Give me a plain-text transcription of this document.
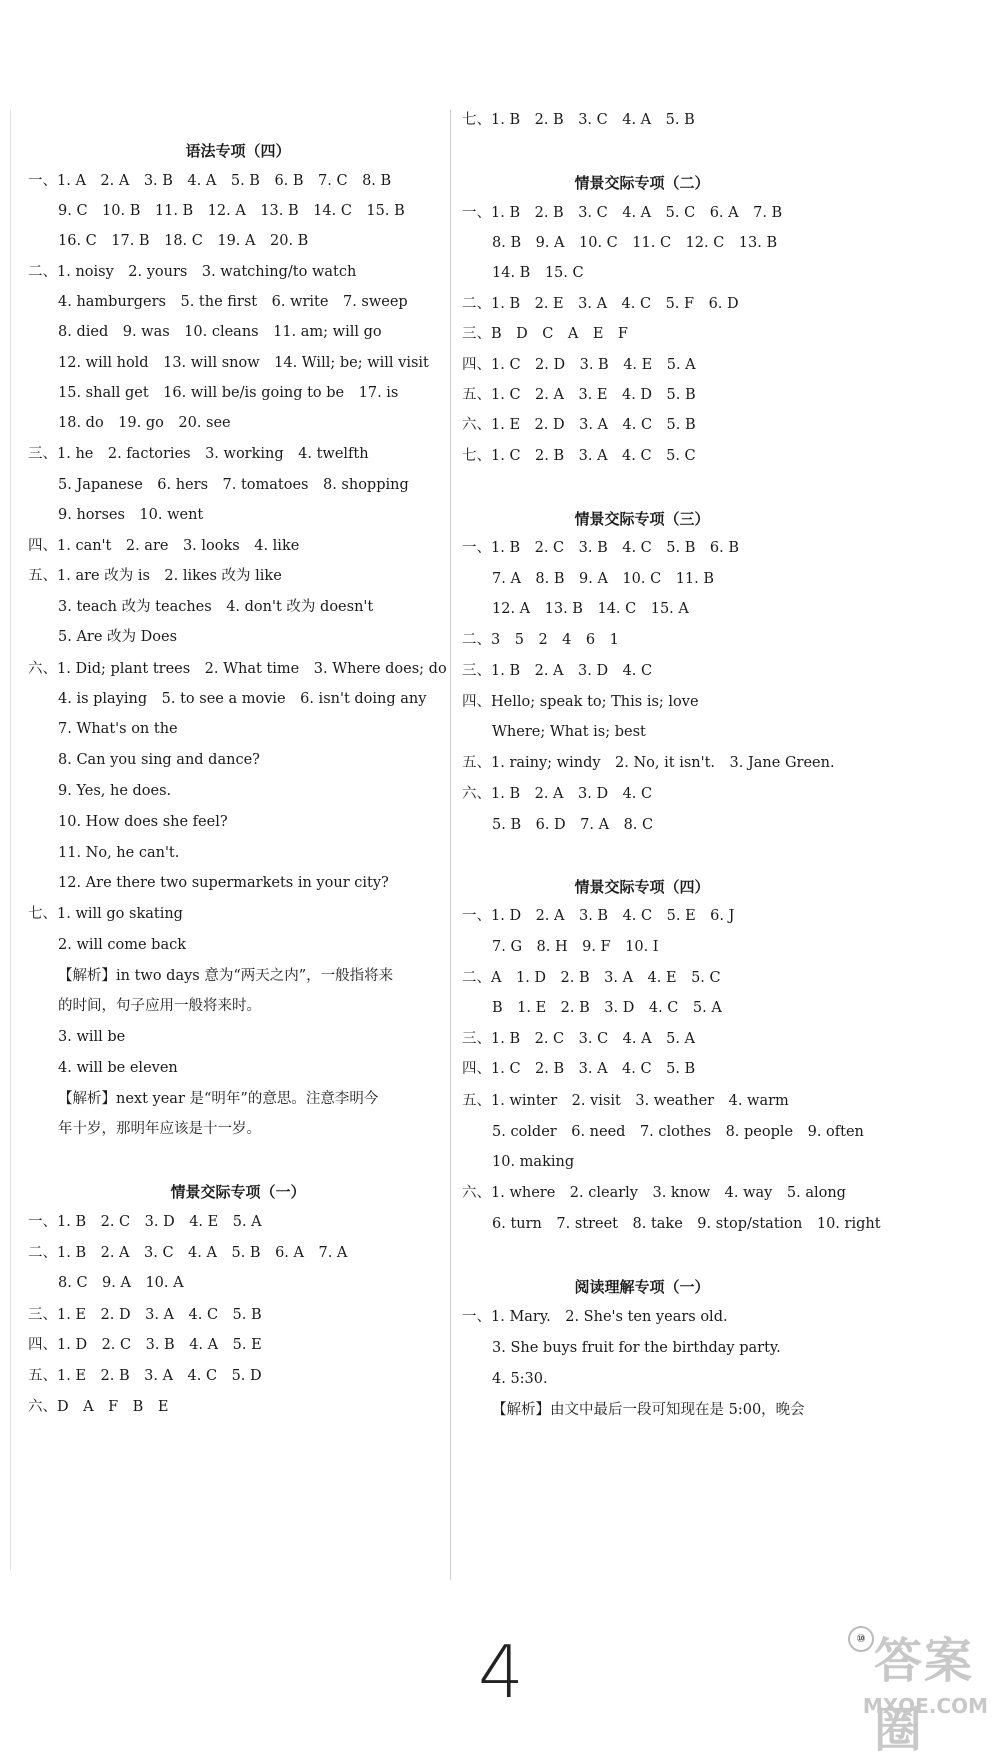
语法专项（四）
一、1. A　2. A　3. B　4. A　5. B　6. B　7. C　8. B
9. C　10. B　11. B　12. A　13. B　14. C　15. B
16. C　17. B　18. C　19. A　20. B
二、1. noisy　2. yours　3. watching/to watch
4. hamburgers　5. the first　6. write　7. sweep
8. died　9. was　10. cleans　11. am; will go
12. will hold　13. will snow　14. Will; be; will visit
15. shall get　16. will be/is going to be　17. is
18. do　19. go　20. see
三、1. he　2. factories　3. working　4. twelfth
5. Japanese　6. hers　7. tomatoes　8. shopping
9. horses　10. went
四、1. can't　2. are　3. looks　4. like
五、1. are 改为 is　2. likes 改为 like
3. teach 改为 teaches　4. don't 改为 doesn't
5. Are 改为 Does
六、1. Did; plant trees　2. What time　3. Where does; do
4. is playing　5. to see a movie　6. isn't doing any
7. What's on the
8. Can you sing and dance?
9. Yes, he does.
10. How does she feel?
11. No, he can't.
12. Are there two supermarkets in your city?
七、1. will go skating
2. will come back
【解析】in two days 意为“两天之内”，一般指将来
的时间，句子应用一般将来时。
3. will be
4. will be eleven
【解析】next year 是“明年”的意思。注意李明今
年十岁，那明年应该是十一岁。
情景交际专项（一）
一、1. B　2. C　3. D　4. E　5. A
二、1. B　2. A　3. C　4. A　5. B　6. A　7. A
8. C　9. A　10. A
三、1. E　2. D　3. A　4. C　5. B
四、1. D　2. C　3. B　4. A　5. E
五、1. E　2. B　3. A　4. C　5. D
六、D　A　F　B　E
七、1. B　2. B　3. C　4. A　5. B
情景交际专项（二）
一、1. B　2. B　3. C　4. A　5. C　6. A　7. B
8. B　9. A　10. C　11. C　12. C　13. B
14. B　15. C
二、1. B　2. E　3. A　4. C　5. F　6. D
三、B　D　C　A　E　F
四、1. C　2. D　3. B　4. E　5. A
五、1. C　2. A　3. E　4. D　5. B
六、1. E　2. D　3. A　4. C　5. B
七、1. C　2. B　3. A　4. C　5. C
情景交际专项（三）
一、1. B　2. C　3. B　4. C　5. B　6. B
7. A　8. B　9. A　10. C　11. B
12. A　13. B　14. C　15. A
二、3　5　2　4　6　1
三、1. B　2. A　3. D　4. C
四、Hello; speak to; This is; love
Where; What is; best
五、1. rainy; windy　2. No, it isn't.　3. Jane Green.
六、1. B　2. A　3. D　4. C
5. B　6. D　7. A　8. C
情景交际专项（四）
一、1. D　2. A　3. B　4. C　5. E　6. J
7. G　8. H　9. F　10. I
二、A　1. D　2. B　3. A　4. E　5. C
B　1. E　2. B　3. D　4. C　5. A
三、1. B　2. C　3. C　4. A　5. A
四、1. C　2. B　3. A　4. C　5. B
五、1. winter　2. visit　3. weather　4. warm
5. colder　6. need　7. clothes　8. people　9. often
10. making
六、1. where　2. clearly　3. know　4. way　5. along
6. turn　7. street　8. take　9. stop/station　10. right
阅读理解专项（一）
一、1. Mary.　2. She's ten years old.
3. She buys fruit for the birthday party.
4. 5:30.
【解析】由文中最后一段可知现在是 5:00，晚会
4	⑩ 答案圈
MXQE.COM
